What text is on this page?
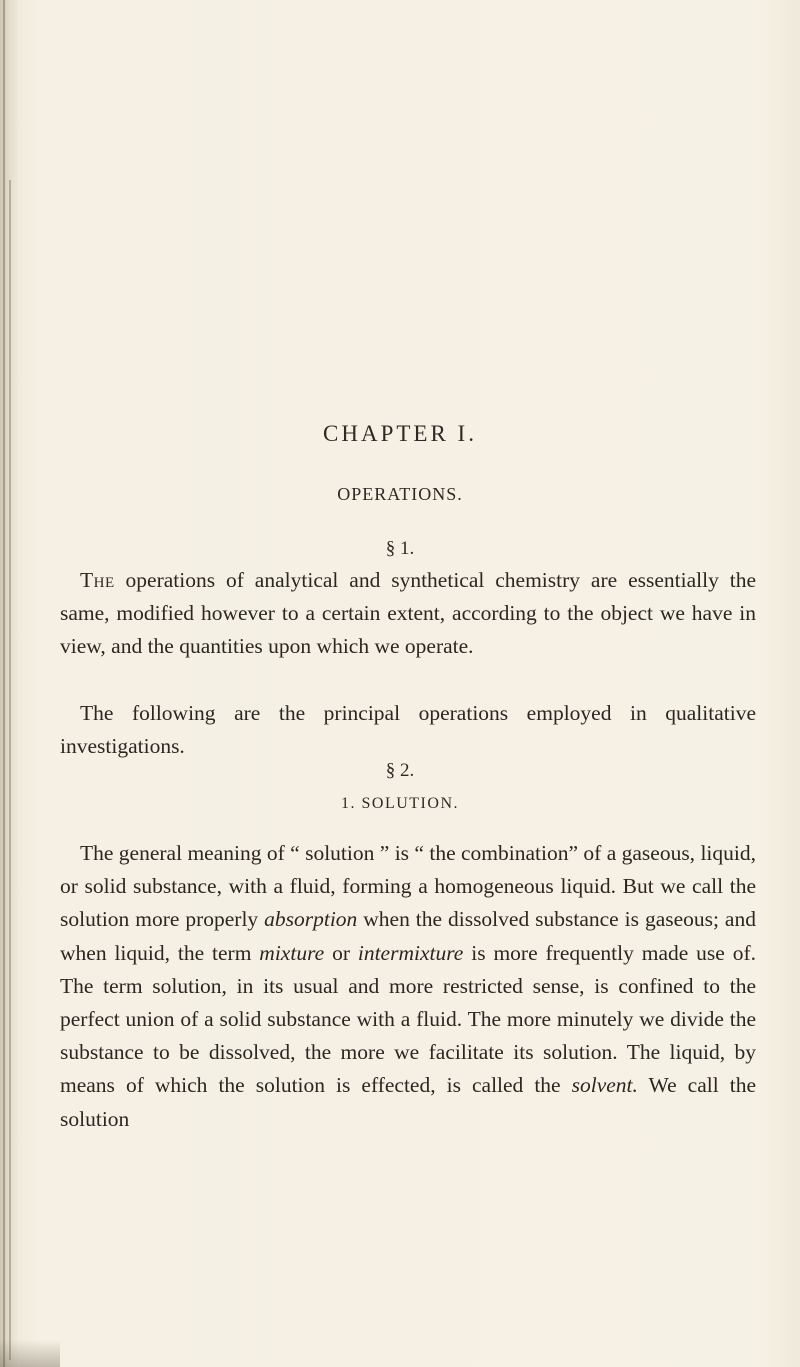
CHAPTER I.
OPERATIONS.
§ 1.

The operations of analytical and synthetical chemistry are essentially the same, modified however to a certain extent, according to the object we have in view, and the quantities upon which we operate.

The following are the principal operations employed in qualitative investigations.

§ 2.
1. SOLUTION.

The general meaning of “ solution ” is “ the combination” of a gaseous, liquid, or solid substance, with a fluid, forming a homogeneous liquid. But we call the solution more properly absorption when the dissolved substance is gaseous; and when liquid, the term mixture or intermixture is more frequently made use of. The term solution, in its usual and more restricted sense, is confined to the perfect union of a solid substance with a fluid. The more minutely we divide the substance to be dissolved, the more we facilitate its solution. The liquid, by means of which the solution is effected, is called the solvent. We call the solution
